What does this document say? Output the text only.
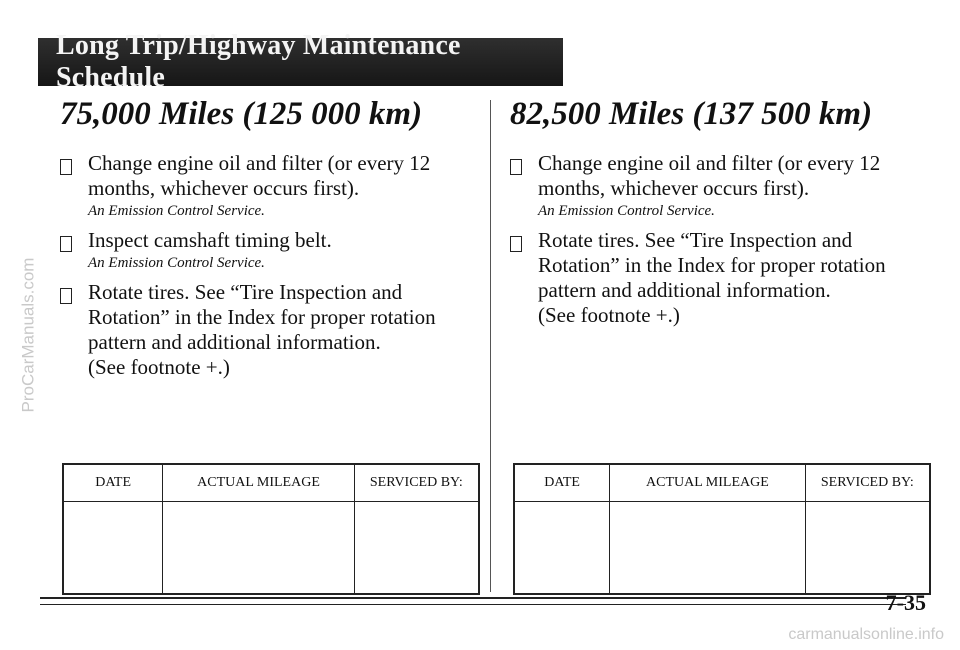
ProCarManuals.com
Long Trip/Highway Maintenance Schedule
75,000 Miles (125 000 km)
Change engine oil and filter (or every 12 months, whichever occurs first).
An Emission Control Service.
Inspect camshaft timing belt.
An Emission Control Service.
Rotate tires. See “Tire Inspection and Rotation” in the Index for proper rotation pattern and additional information.
(See footnote +.)
82,500 Miles (137 500 km)
Change engine oil and filter (or every 12 months, whichever occurs first).
An Emission Control Service.
Rotate tires. See “Tire Inspection and Rotation” in the Index for proper rotation pattern and additional information.
(See footnote +.)
DATE	ACTUAL MILEAGE	SERVICED BY:
			DATE	ACTUAL MILEAGE	SERVICED BY:

7-35
carmanualsonline.info
